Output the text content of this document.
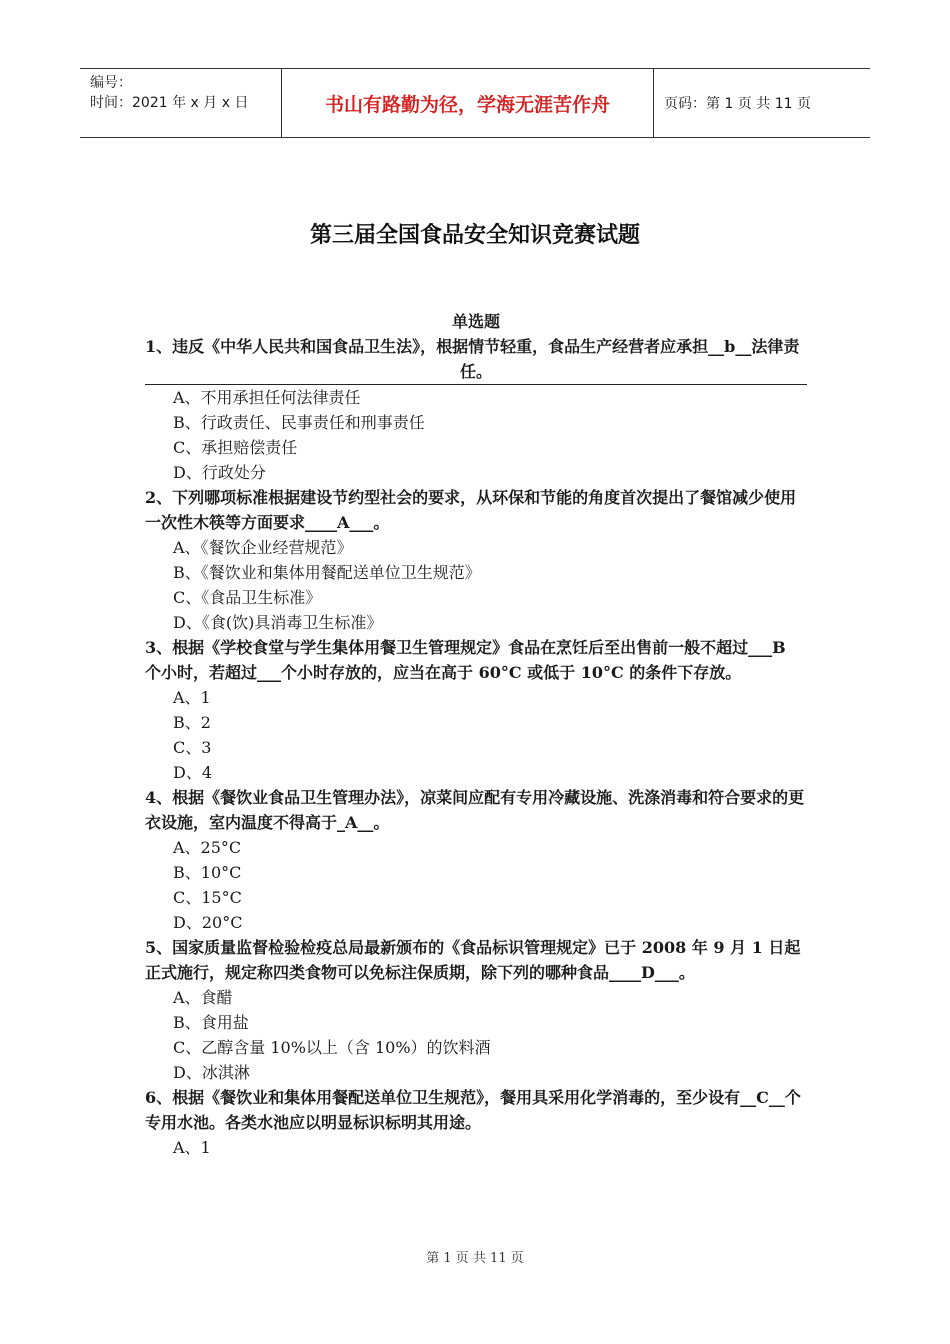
编号：
时间：2021 年 x 月 x 日	书山有路勤为径，学海无涯苦作舟	页码：第 1 页 共 11 页
第三届全国食品安全知识竞赛试题
单选题
1、违反《中华人民共和国食品卫生法》，根据情节轻重，食品生产经营者应承担__b__法律责任。
A、不用承担任何法律责任
B、行政责任、民事责任和刑事责任
C、承担赔偿责任
D、行政处分
2、下列哪项标准根据建设节约型社会的要求，从环保和节能的角度首次提出了餐馆减少使用一次性木筷等方面要求____A___。
A、《餐饮企业经营规范》
B、《餐饮业和集体用餐配送单位卫生规范》
C、《食品卫生标准》
D、《食(饮)具消毒卫生标准》
3、根据《学校食堂与学生集体用餐卫生管理规定》食品在烹饪后至出售前一般不超过___B 个小时，若超过___个小时存放的，应当在高于 60°C 或低于 10°C 的条件下存放。
A、1
B、2
C、3
D、4
4、根据《餐饮业食品卫生管理办法》，凉菜间应配有专用冷藏设施、洗涤消毒和符合要求的更衣设施，室内温度不得高于_A__。
A、25°C
B、10°C
C、15°C
D、20°C
5、国家质量监督检验检疫总局最新颁布的《食品标识管理规定》已于 2008 年 9 月 1 日起正式施行，规定称四类食物可以免标注保质期，除下列的哪种食品____D___。
A、食醋
B、食用盐
C、乙醇含量 10%以上（含 10%）的饮料酒
D、冰淇淋
6、根据《餐饮业和集体用餐配送单位卫生规范》，餐用具采用化学消毒的，至少设有__C__个专用水池。各类水池应以明显标识标明其用途。
A、1
第 1 页 共 11 页
